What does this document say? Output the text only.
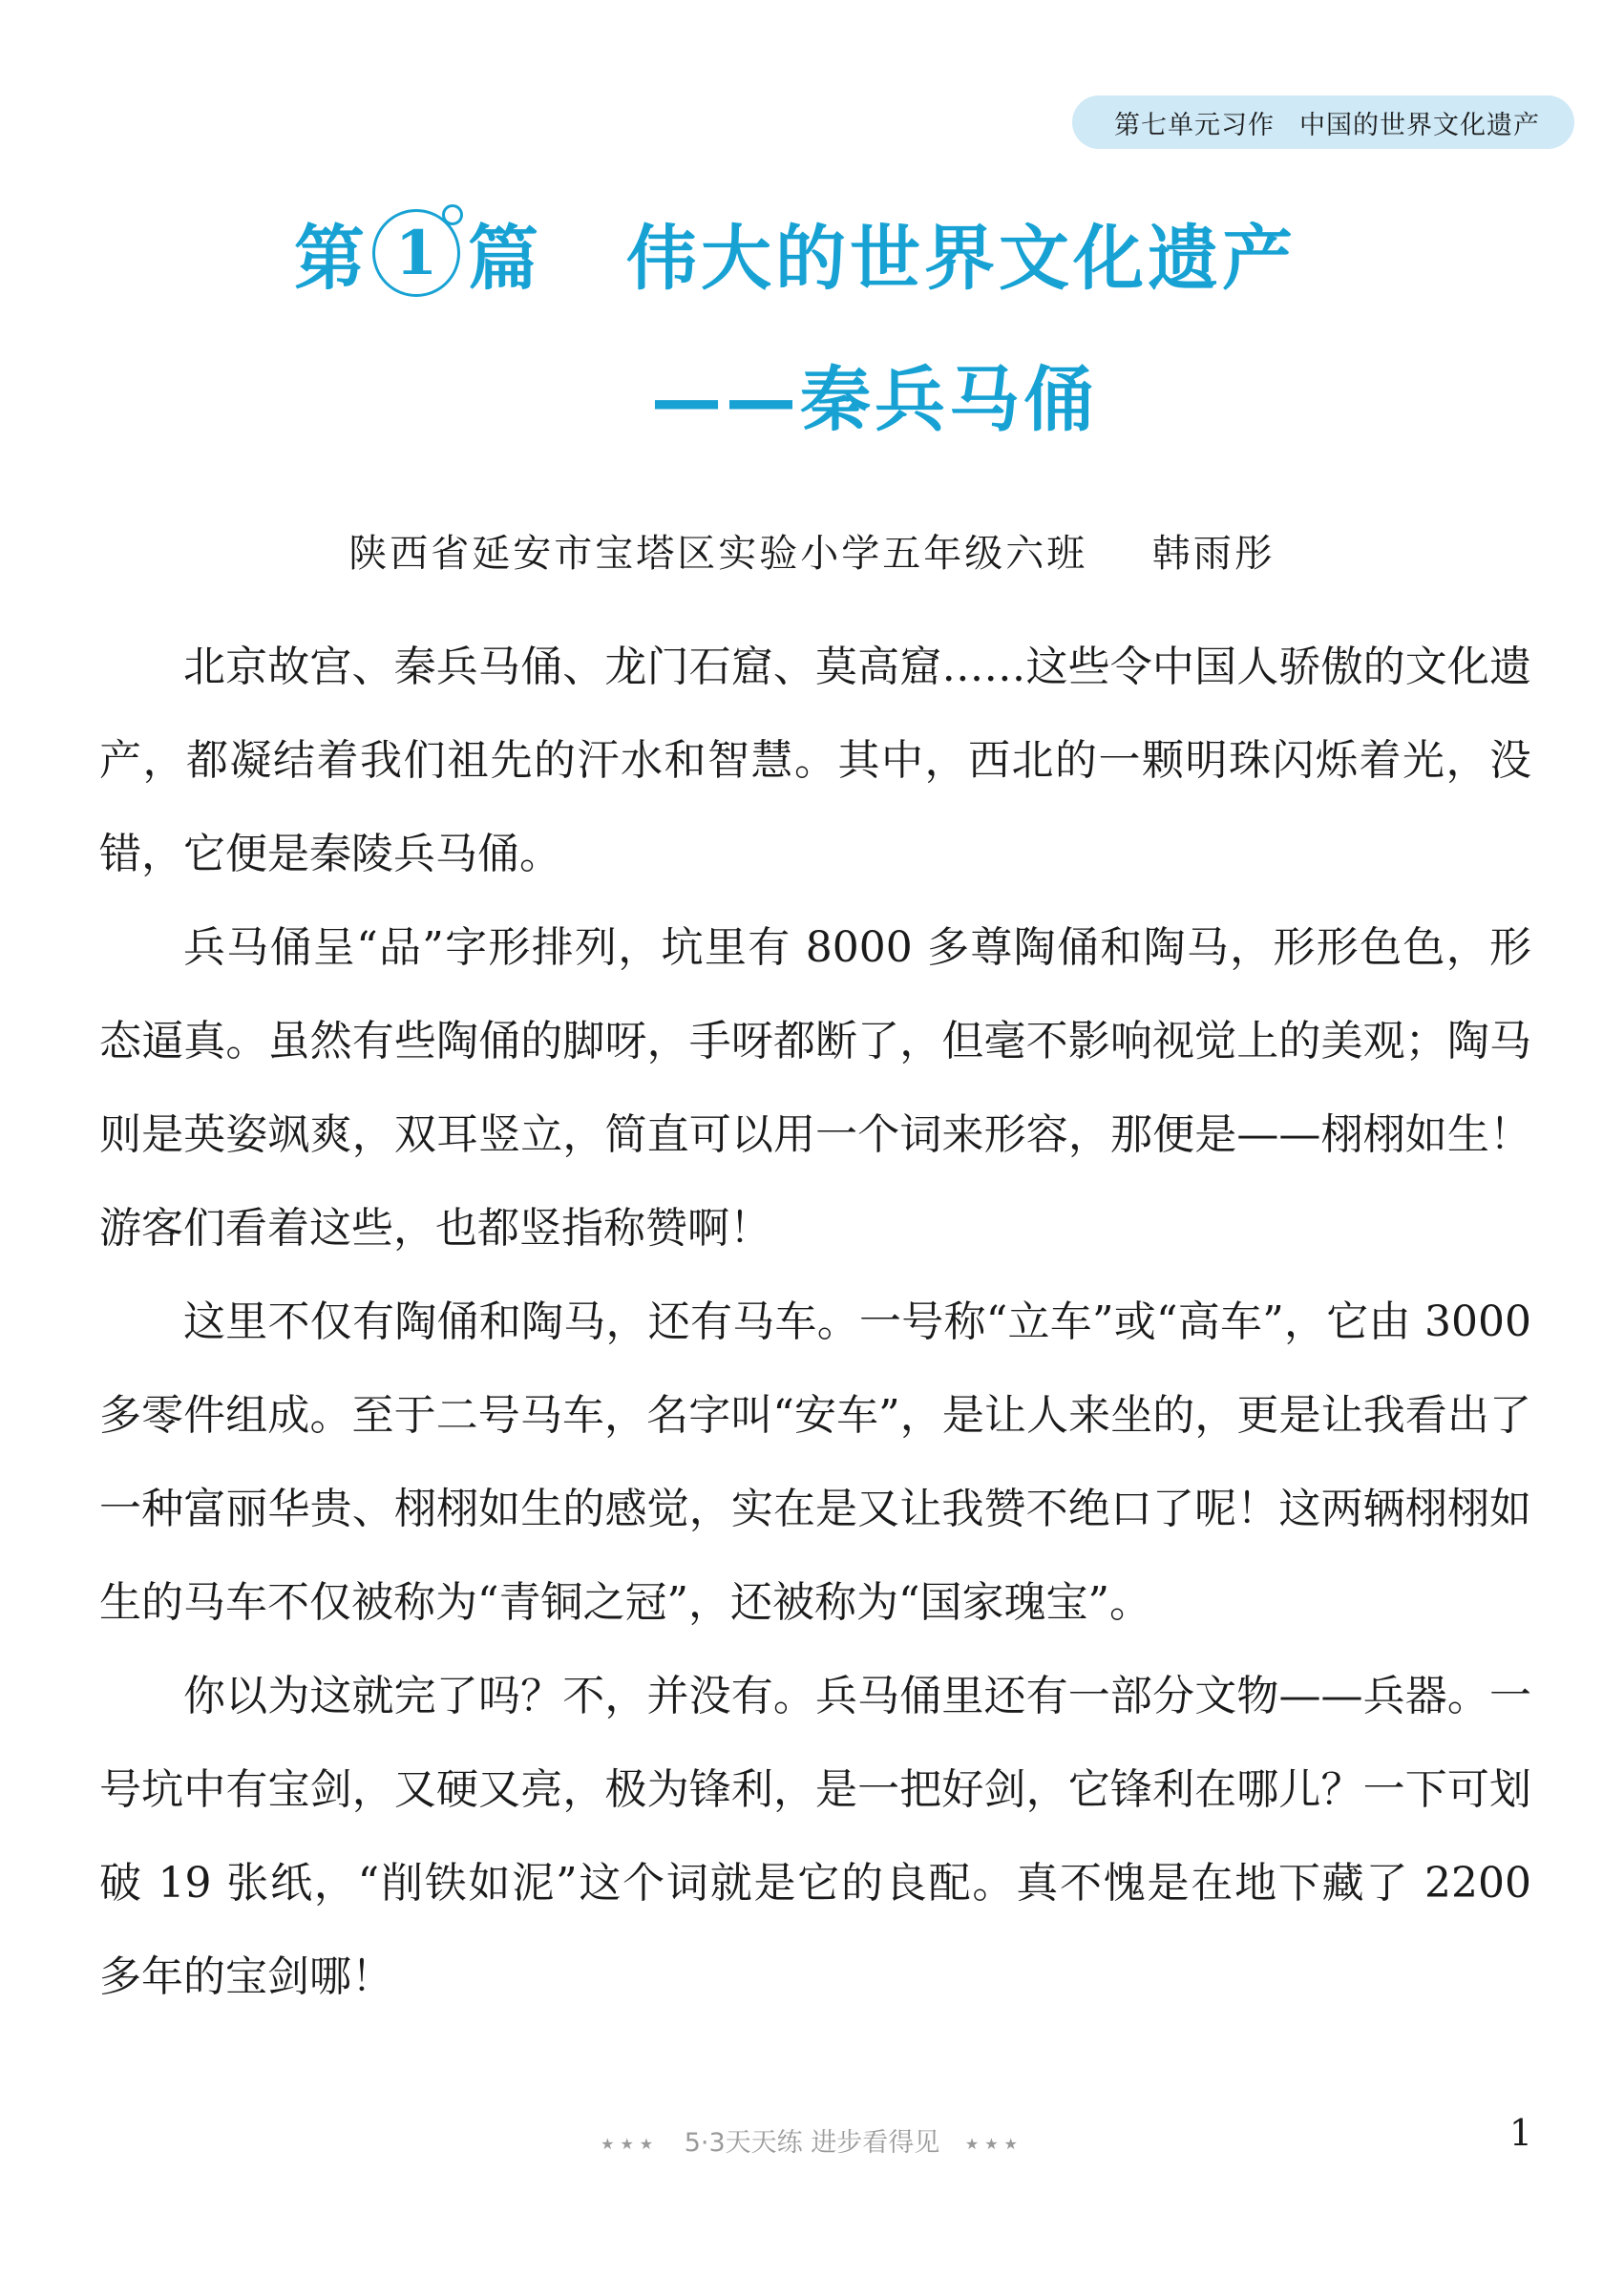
第七单元习作 中国的世界文化遗产
第 1 篇 伟大的世界文化遗产
——秦兵马俑
陕西省延安市宝塔区实验小学五年级六班 韩雨彤

北京故宫、秦兵马俑、龙门石窟、莫高窟……这些令中国人骄傲的文化遗产，都凝结着我们祖先的汗水和智慧。其中，西北的一颗明珠闪烁着光，没错，它便是秦陵兵马俑。

兵马俑呈“品”字形排列，坑里有 8000 多尊陶俑和陶马，形形色色，形态逼真。虽然有些陶俑的脚呀，手呀都断了，但毫不影响视觉上的美观；陶马则是英姿飒爽，双耳竖立，简直可以用一个词来形容，那便是——栩栩如生！游客们看着这些，也都竖指称赞啊！

这里不仅有陶俑和陶马，还有马车。一号称“立车”或“高车”，它由 3000 多零件组成。至于二号马车，名字叫“安车”，是让人来坐的，更是让我看出了一种富丽华贵、栩栩如生的感觉，实在是又让我赞不绝口了呢！这两辆栩栩如生的马车不仅被称为“青铜之冠”，还被称为“国家瑰宝”。

你以为这就完了吗？不，并没有。兵马俑里还有一部分文物——兵器。一号坑中有宝剑，又硬又亮，极为锋利，是一把好剑，它锋利在哪儿？一下可划破 19 张纸，“削铁如泥”这个词就是它的良配。真不愧是在地下藏了 2200 多年的宝剑哪！

★★★ 5·3天天练 进步看得见 ★★★	1
